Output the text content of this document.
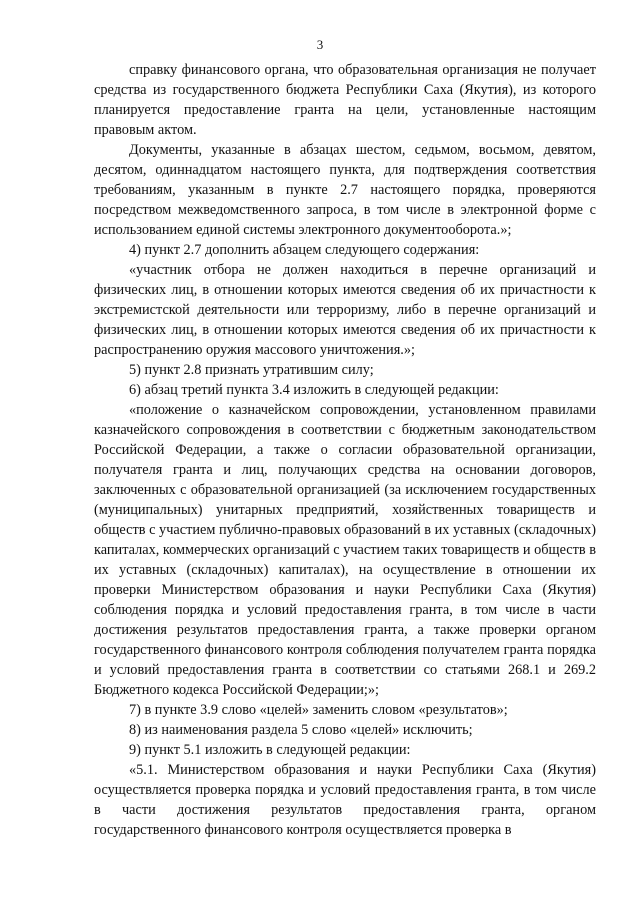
3

справку финансового органа, что образовательная организация не получает средства из государственного бюджета Республики Саха (Якутия), из которого планируется предоставление гранта на цели, установленные настоящим правовым актом.

Документы, указанные в абзацах шестом, седьмом, восьмом, девятом, десятом, одиннадцатом настоящего пункта, для подтверждения соответствия требованиям, указанным в пункте 2.7 настоящего порядка, проверяются посредством межведомственного запроса, в том числе в электронной форме с использованием единой системы электронного документооборота.»;

4) пункт 2.7 дополнить абзацем следующего содержания:

«участник отбора не должен находиться в перечне организаций и физических лиц, в отношении которых имеются сведения об их причастности к экстремистской деятельности или терроризму, либо в перечне организаций и физических лиц, в отношении которых имеются сведения об их причастности к распространению оружия массового уничтожения.»;

5) пункт 2.8 признать утратившим силу;

6) абзац третий пункта 3.4 изложить в следующей редакции:

«положение о казначейском сопровождении, установленном правилами казначейского сопровождения в соответствии с бюджетным законодательством Российской Федерации, а также о согласии образовательной организации, получателя гранта и лиц, получающих средства на основании договоров, заключенных с образовательной организацией (за исключением государственных (муниципальных) унитарных предприятий, хозяйственных товариществ и обществ с участием публично-правовых образований в их уставных (складочных) капиталах, коммерческих организаций с участием таких товариществ и обществ в их уставных (складочных) капиталах), на осуществление в отношении их проверки Министерством образования и науки Республики Саха (Якутия) соблюдения порядка и условий предоставления гранта, в том числе в части достижения результатов предоставления гранта, а также проверки органом государственного финансового контроля соблюдения получателем гранта порядка и условий предоставления гранта в соответствии со статьями 268.1 и 269.2 Бюджетного кодекса Российской Федерации;»;

7) в пункте 3.9 слово «целей» заменить словом «результатов»;

8) из наименования раздела 5 слово «целей» исключить;

9) пункт 5.1 изложить в следующей редакции:

«5.1. Министерством образования и науки Республики Саха (Якутия) осуществляется проверка порядка и условий предоставления гранта, в том числе в части достижения результатов предоставления гранта, органом государственного финансового контроля осуществляется проверка в
